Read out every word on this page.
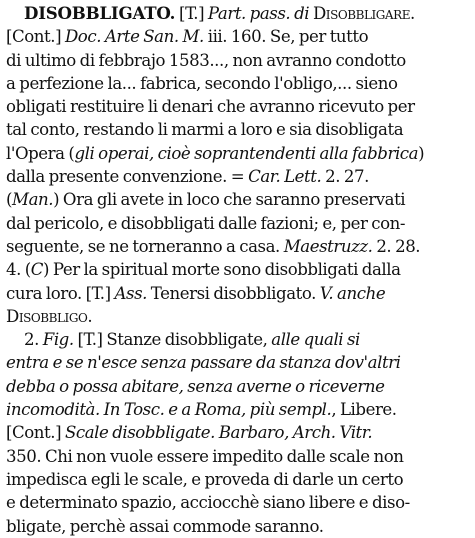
DISOBBLIGATO. [T.] Part. pass. di Disobbligare.
[Cont.] Doc. Arte San. M. iii. 160. Se, per tutto
di ultimo di febbrajo 1583..., non avranno condotto
a perfezione la... fabrica, secondo l'obligo,... sieno
obligati restituire li denari che avranno ricevuto per
tal conto, restando li marmi a loro e sia disobligata
l'Opera (gli operai, cioè soprantendenti alla fabbrica)
dalla presente convenzione. = Car. Lett. 2. 27.
(Man.) Ora gli avete in loco che saranno preservati
dal pericolo, e disobbligati dalle fazioni; e, per con-
seguente, se ne torneranno a casa. Maestruzz. 2. 28.
4. (C) Per la spiritual morte sono disobbligati dalla
cura loro. [T.] Ass. Tenersi disobbligato. V. anche
Disobbligo.
2. Fig. [T.] Stanze disobbligate, alle quali si
entra e se n'esce senza passare da stanza dov'altri
debba o possa abitare, senza averne o riceverne
incomodità. In Tosc. e a Roma, più sempl., Libere.
[Cont.] Scale disobbligate. Barbaro, Arch. Vitr.
350. Chi non vuole essere impedito dalle scale non
impedisca egli le scale, e proveda di darle un certo
e determinato spazio, acciocchè siano libere e diso-
bligate, perchè assai commode saranno.
